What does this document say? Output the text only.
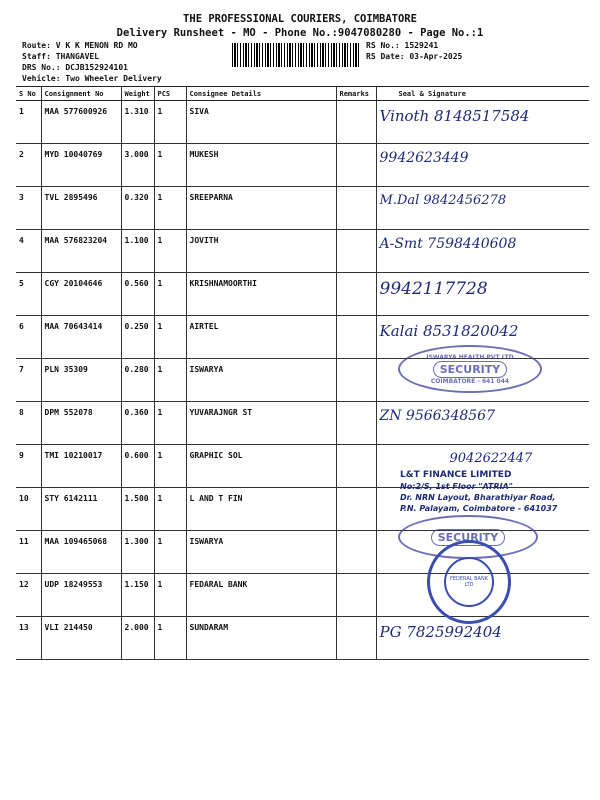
THE PROFESSIONAL COURIERS, COIMBATORE
Delivery Runsheet - MO - Phone No.:9047080280 - Page No.:1
Route: V K K MENON RD MO
Staff: THANGAVEL
DRS No.: DCJB152924101
Vehicle: Two Wheeler Delivery
RS No.: 1529241
RS Date: 03-Apr-2025
S No	Consignment No	Weight	PCS	Consignee Details	Remarks	Seal & Signature
1	MAA 577600926	1.310	1	SIVA		Vinoth 8148517584
2	MYD 10040769	3.000	1	MUKESH		9942623449
3	TVL 2895496	0.320	1	SREEPARNA		M.Dal 9842456278
4	MAA 576823204	1.100	1	JOVITH		A-Smt 7598440608
5	CGY 20104646	0.560	1	KRISHNAMOORTHI		9942117728
6	MAA 70643414	0.250	1	AIRTEL		Kalai 8531820042
7	PLN 35309	0.280	1	ISWARYA		
8	DPM 552078	0.360	1	YUVARAJNGR ST		ZN 9566348567
9	TMI 10210017	0.600	1	GRAPHIC SOL		9042622447
10	STY 6142111	1.500	1	L AND T FIN		
11	MAA 109465068	1.300	1	ISWARYA		
12	UDP 18249553	1.150	1	FEDARAL BANK		
13	VLI 214450	2.000	1	SUNDARAM		PG 7825992404
ISWARYA HEALTH PVT LTD
SECURITY
COIMBATORE - 641 044
L&T FINANCE LIMITED
No:2/S, 1st Floor "ATRIA"
Dr. NRN Layout, Bharathiyar Road,
P.N. Palayam, Coimbatore - 641037
SECURITY
FEDERAL BANK LTD
